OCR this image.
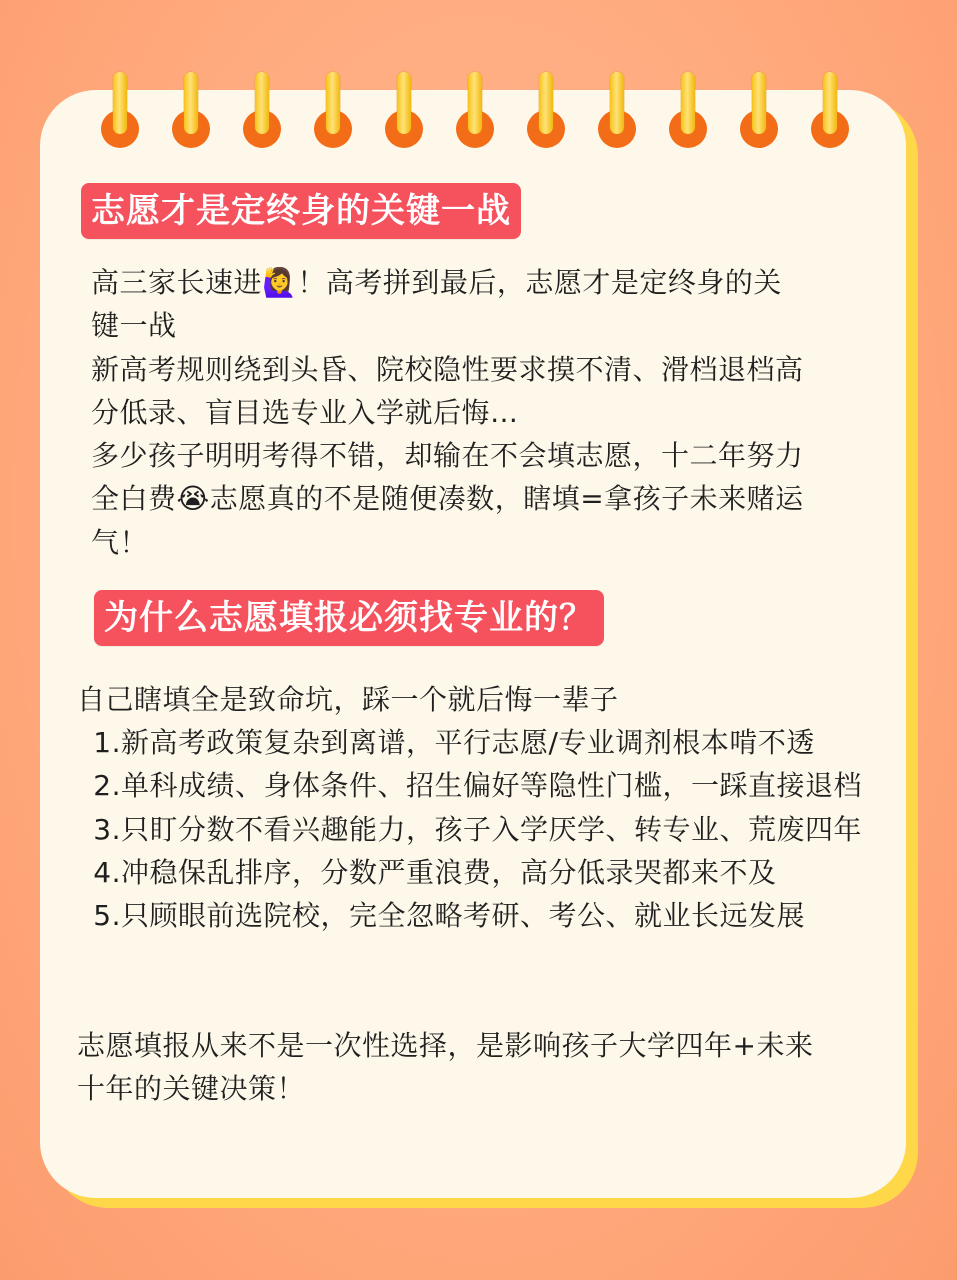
志愿才是定终身的关键一战

高三家长速进🙋‍♀️！高考拼到最后，志愿才是定终身的关

键一战

新高考规则绕到头昏、院校隐性要求摸不清、滑档退档高

分低录、盲目选专业入学就后悔…

多少孩子明明考得不错，却输在不会填志愿，十二年努力

全白费😭志愿真的不是随便凑数，瞎填=拿孩子未来赌运

气！

为什么志愿填报必须找专业的？
自己瞎填全是致命坑，踩一个就后悔一辈子
1. 新高考政策复杂到离谱，平行志愿/专业调剂根本啃不透
2. 单科成绩、身体条件、招生偏好等隐性门槛，一踩直接退档
3. 只盯分数不看兴趣能力，孩子入学厌学、转专业、荒废四年
4. 冲稳保乱排序，分数严重浪费，高分低录哭都来不及
5. 只顾眼前选院校，完全忽略考研、考公、就业长远发展

志愿填报从来不是一次性选择，是影响孩子大学四年+未来

十年的关键决策！
